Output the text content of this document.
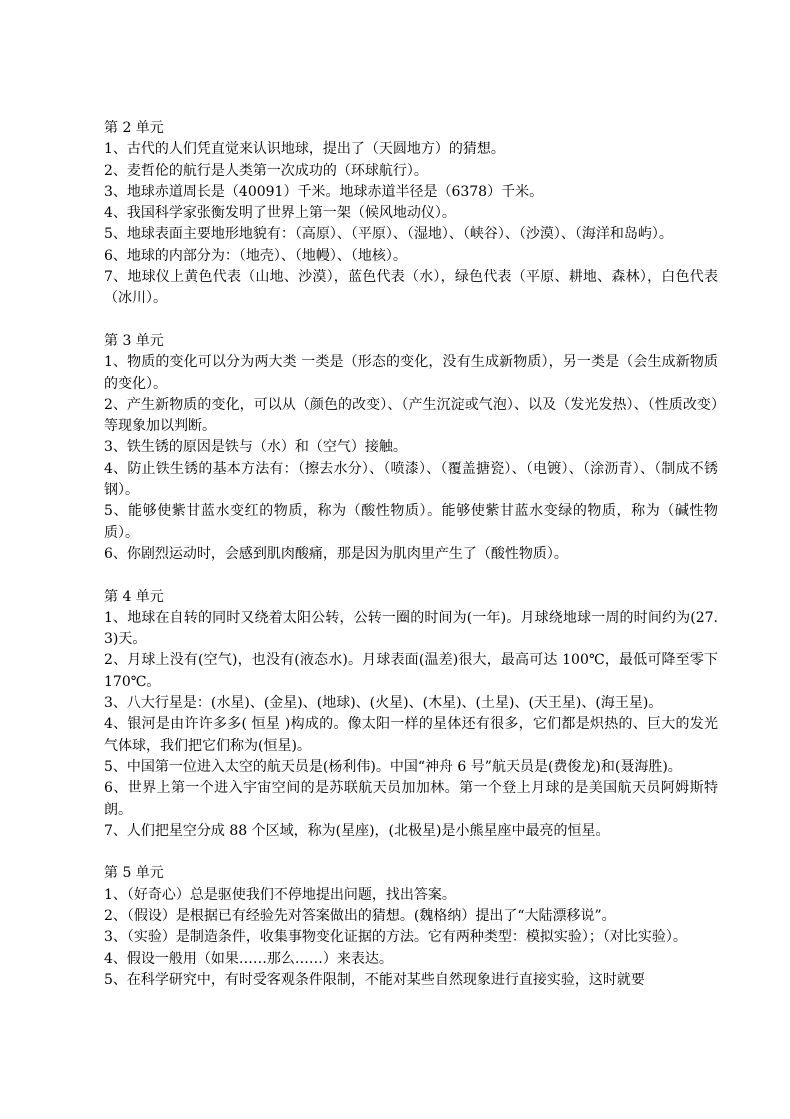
第 2 单元

1、古代的人们凭直觉来认识地球，提出了（天圆地方）的猜想。

2、麦哲伦的航行是人类第一次成功的（环球航行）。

3、地球赤道周长是（40091）千米。地球赤道半径是（6378）千米。

4、我国科学家张衡发明了世界上第一架（候风地动仪）。

5、地球表面主要地形地貌有：（高原）、（平原）、（湿地）、（峡谷）、（沙漠）、（海洋和岛屿）。

6、地球的内部分为：（地壳）、（地幔）、（地核）。

7、地球仪上黄色代表（山地、沙漠），蓝色代表（水），绿色代表（平原、耕地、森林），白色代表（冰川）。

第 3 单元

1、物质的变化可以分为两大类 一类是（形态的变化，没有生成新物质），另一类是（会生成新物质的变化）。

2、产生新物质的变化，可以从（颜色的改变）、（产生沉淀或气泡）、以及（发光发热）、（性质改变）等现象加以判断。

3、铁生锈的原因是铁与（水）和（空气）接触。

4、防止铁生锈的基本方法有：（擦去水分）、（喷漆）、（覆盖搪瓷）、（电镀）、（涂沥青）、（制成不锈钢）。

5、能够使紫甘蓝水变红的物质，称为（酸性物质）。能够使紫甘蓝水变绿的物质，称为（碱性物质）。

6、你剧烈运动时，会感到肌肉酸痛，那是因为肌肉里产生了（酸性物质）。

第 4 单元

1、地球在自转的同时又绕着太阳公转，公转一圈的时间为(一年)。月球绕地球一周的时间约为(27.3)天。

2、月球上没有(空气)，也没有(液态水)。月球表面(温差)很大，最高可达 100℃，最低可降至零下 170℃。

3、八大行星是：(水星)、(金星)、(地球)、(火星)、(木星)、(土星)、(天王星)、(海王星)。

4、银河是由许许多多( 恒星 )构成的。像太阳一样的星体还有很多，它们都是炽热的、巨大的发光气体球，我们把它们称为(恒星)。

5、中国第一位进入太空的航天员是(杨利伟)。中国“神舟 6 号”航天员是(费俊龙)和(聂海胜)。

6、世界上第一个进入宇宙空间的是苏联航天员加加林。第一个登上月球的是美国航天员阿姆斯特朗。

7、人们把星空分成 88 个区域，称为(星座)，(北极星)是小熊星座中最亮的恒星。

第 5 单元

1、（好奇心）总是驱使我们不停地提出问题，找出答案。

2、（假设）是根据已有经验先对答案做出的猜想。(魏格纳）提出了“大陆漂移说”。

3、（实验）是制造条件，收集事物变化证据的方法。它有两种类型：模拟实验）；（对比实验）。

4、假设一般用（如果……那么……）来表达。

5、在科学研究中，有时受客观条件限制，不能对某些自然现象进行直接实验，这时就要
